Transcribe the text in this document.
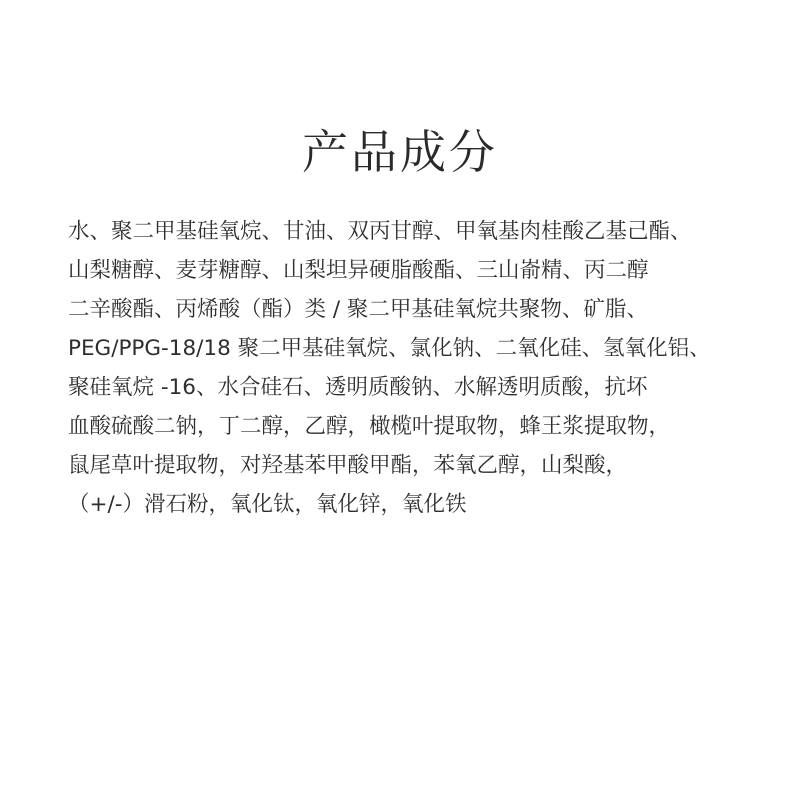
产品成分
水、聚二甲基硅氧烷、甘油、双丙甘醇、甲氧基肉桂酸乙基己酯、
山梨糖醇、麦芽糖醇、山梨坦异硬脂酸酯、三山嵛精、丙二醇
二辛酸酯、丙烯酸（酯）类 / 聚二甲基硅氧烷共聚物、矿脂、
PEG/PPG-18/18 聚二甲基硅氧烷、氯化钠、二氧化硅、氢氧化铝、
聚硅氧烷 -16、水合硅石、透明质酸钠、水解透明质酸，抗坏
血酸硫酸二钠，丁二醇，乙醇，橄榄叶提取物，蜂王浆提取物，
鼠尾草叶提取物，对羟基苯甲酸甲酯，苯氧乙醇，山梨酸，
（+/-）滑石粉，氧化钛，氧化锌，氧化铁
